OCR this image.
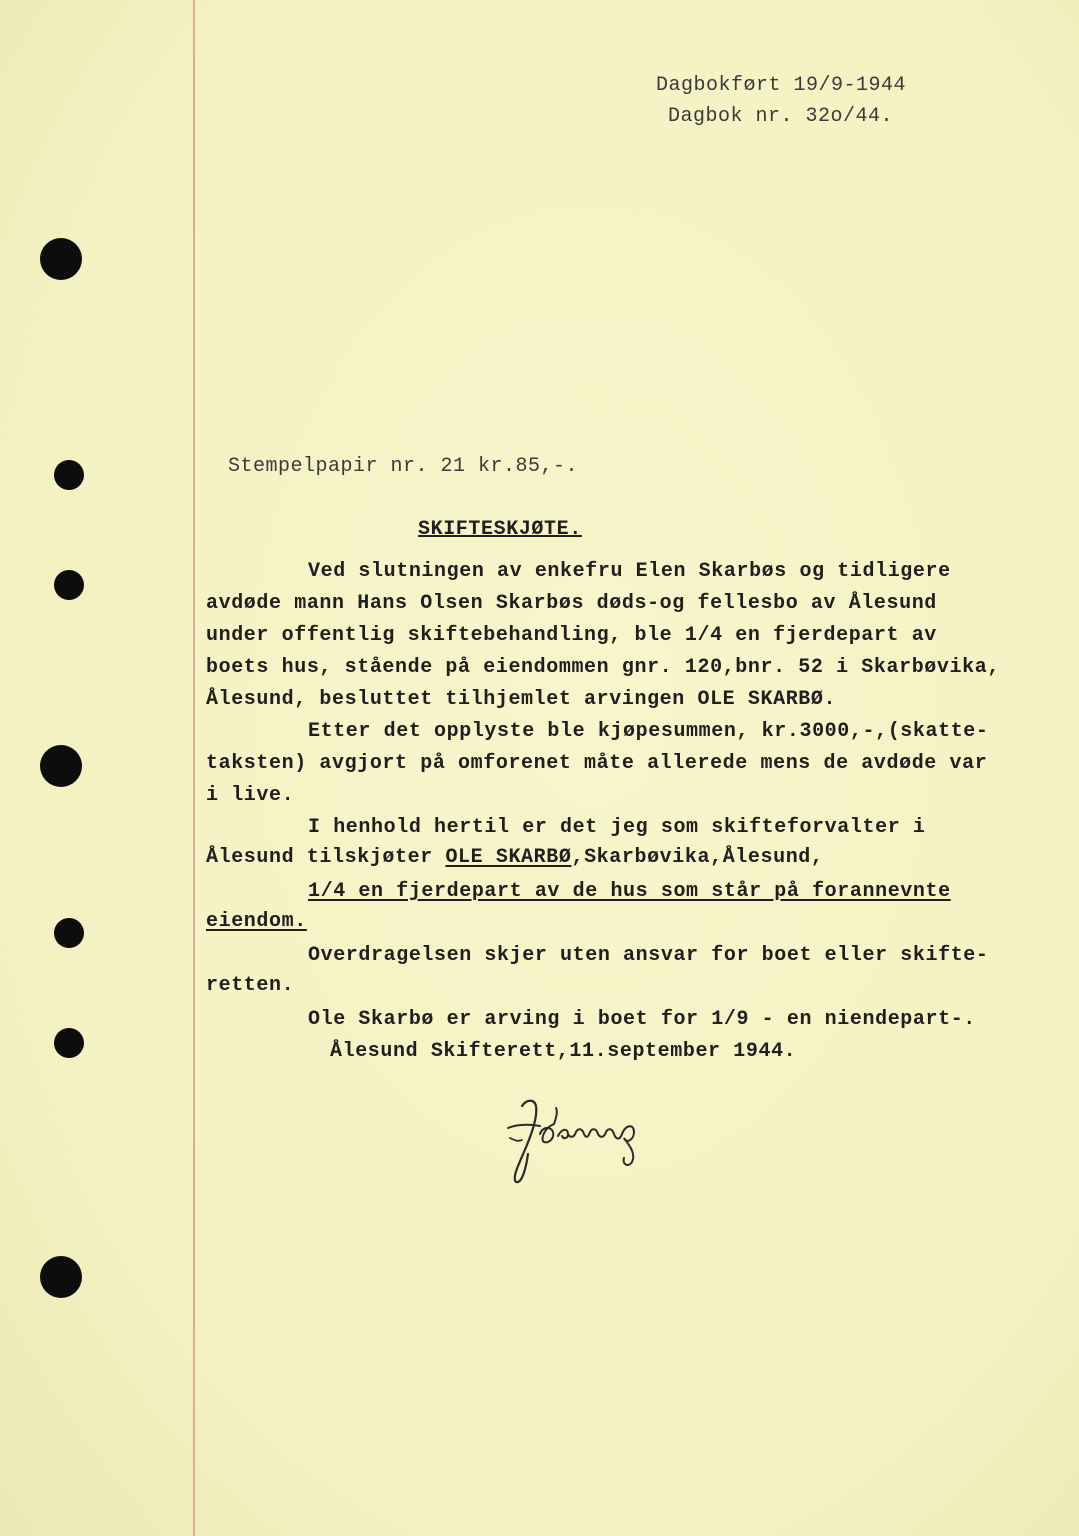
Dagbokført 19/9-1944
Dagbok nr. 32o/44.
Stempelpapir nr. 21 kr.85,-.
SKIFTESKJØTE.
Ved slutningen av enkefru Elen Skarbøs og tidligere
avdøde mann Hans Olsen Skarbøs døds-og fellesbo av Ålesund
under offentlig skiftebehandling, ble 1/4 en fjerdepart av
boets hus, stående på eiendommen gnr. 120,bnr. 52 i Skarbøvika,
Ålesund, besluttet tilhjemlet arvingen OLE SKARBØ.
Etter det opplyste ble kjøpesummen, kr.3000,-,(skatte-
taksten) avgjort på omforenet måte allerede mens de avdøde var
i live.
I henhold hertil er det jeg som skifteforvalter i
Ålesund tilskjøter OLE SKARBØ,Skarbøvika,Ålesund,
1/4 en fjerdepart av de hus som står på forannevnte
eiendom.
Overdragelsen skjer uten ansvar for boet eller skifte-
retten.
Ole Skarbø er arving i boet for 1/9 - en niendepart-.
Ålesund Skifterett,11.september 1944.
